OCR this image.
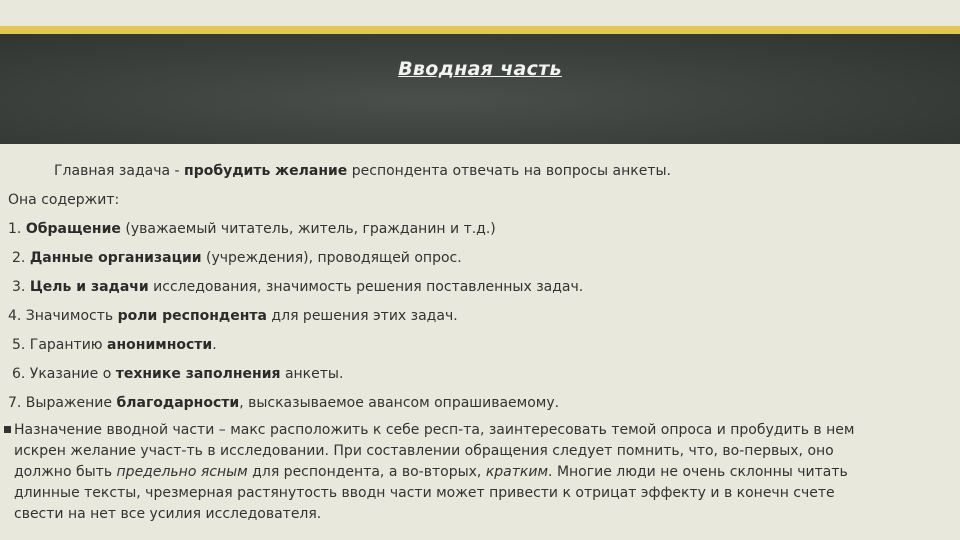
Вводная часть
Главная задача - пробудить желание респондента отвечать на вопросы анкеты.
Она содержит:
1. Обращение (уважаемый читатель, житель, гражданин и т.д.)
2. Данные организации (учреждения), проводящей опрос.
3. Цель и задачи исследования, значимость решения поставленных задач.
4. Значимость роли респондента для решения этих задач.
5. Гарантию анонимности.
6. Указание о технике заполнения анкеты.
7. Выражение благодарности, высказываемое авансом опрашиваемому.
Назначение вводной части – макс расположить к себе респ-та, заинтересовать темой опроса и пробудить в нем
искрен желание участ-ть в исследовании. При составлении обращения следует помнить, что, во-первых, оно
должно быть предельно ясным для респондента, а во-вторых, кратким. Многие люди не очень склонны читать
длинные тексты, чрезмерная растянутость вводн части может привести к отрицат эффекту и в конечн счете
свести на нет все усилия исследователя.
